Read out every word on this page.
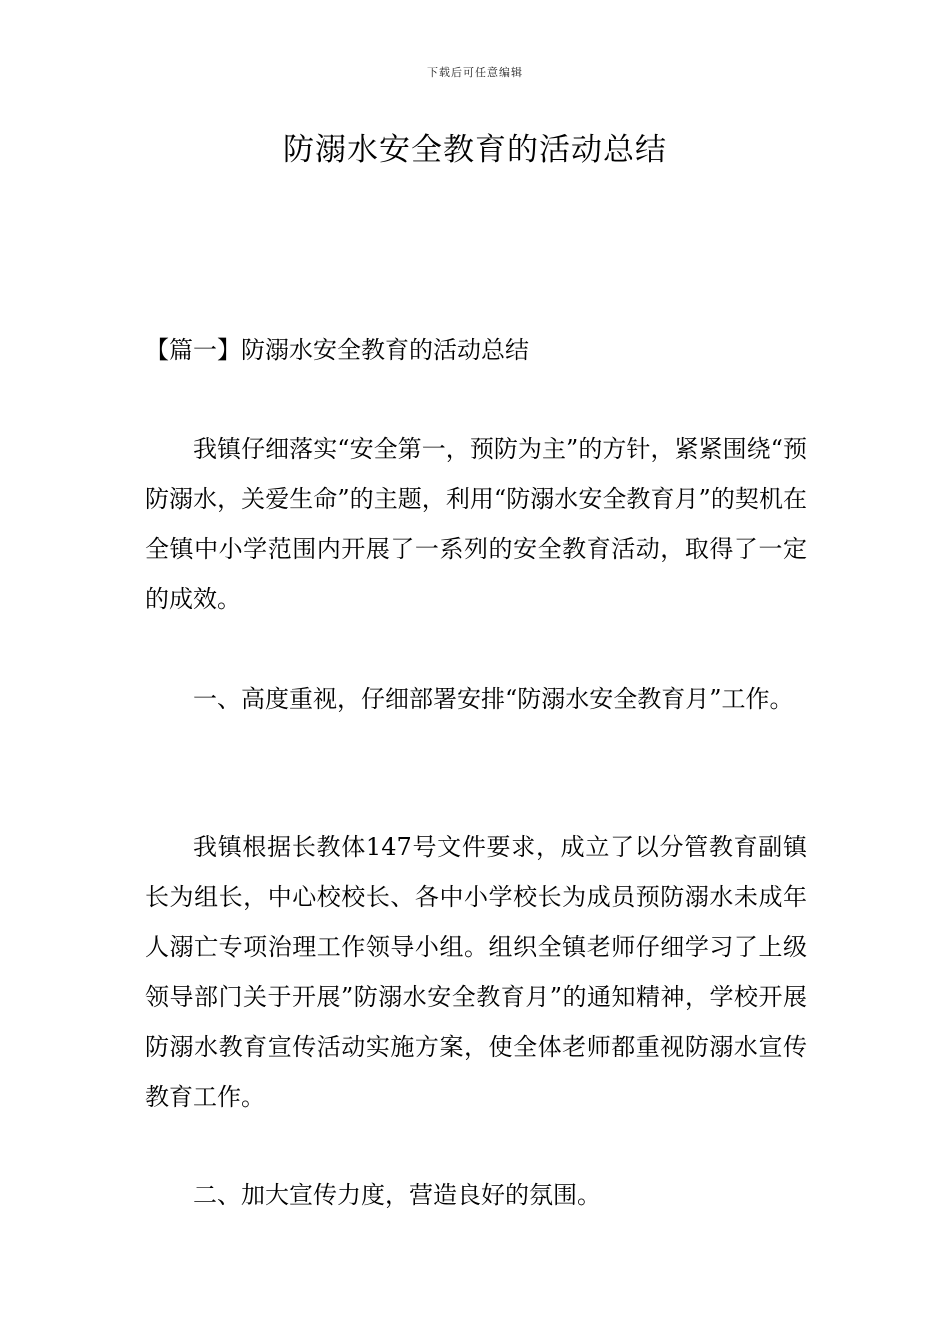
下载后可任意编辑
防溺水安全教育的活动总结

【篇一】防溺水安全教育的活动总结

我镇仔细落实“安全第一，预防为主”的方针，紧紧围绕“预防溺水，关爱生命”的主题，利用“防溺水安全教育月”的契机在全镇中小学范围内开展了一系列的安全教育活动，取得了一定的成效。

一、高度重视，仔细部署安排“防溺水安全教育月”工作。

我镇根据长教体147号文件要求，成立了以分管教育副镇长为组长，中心校校长、各中小学校长为成员预防溺水未成年人溺亡专项治理工作领导小组。组织全镇老师仔细学习了上级领导部门关于开展”防溺水安全教育月”的通知精神，学校开展防溺水教育宣传活动实施方案，使全体老师都重视防溺水宣传教育工作。

二、加大宣传力度，营造良好的氛围。
